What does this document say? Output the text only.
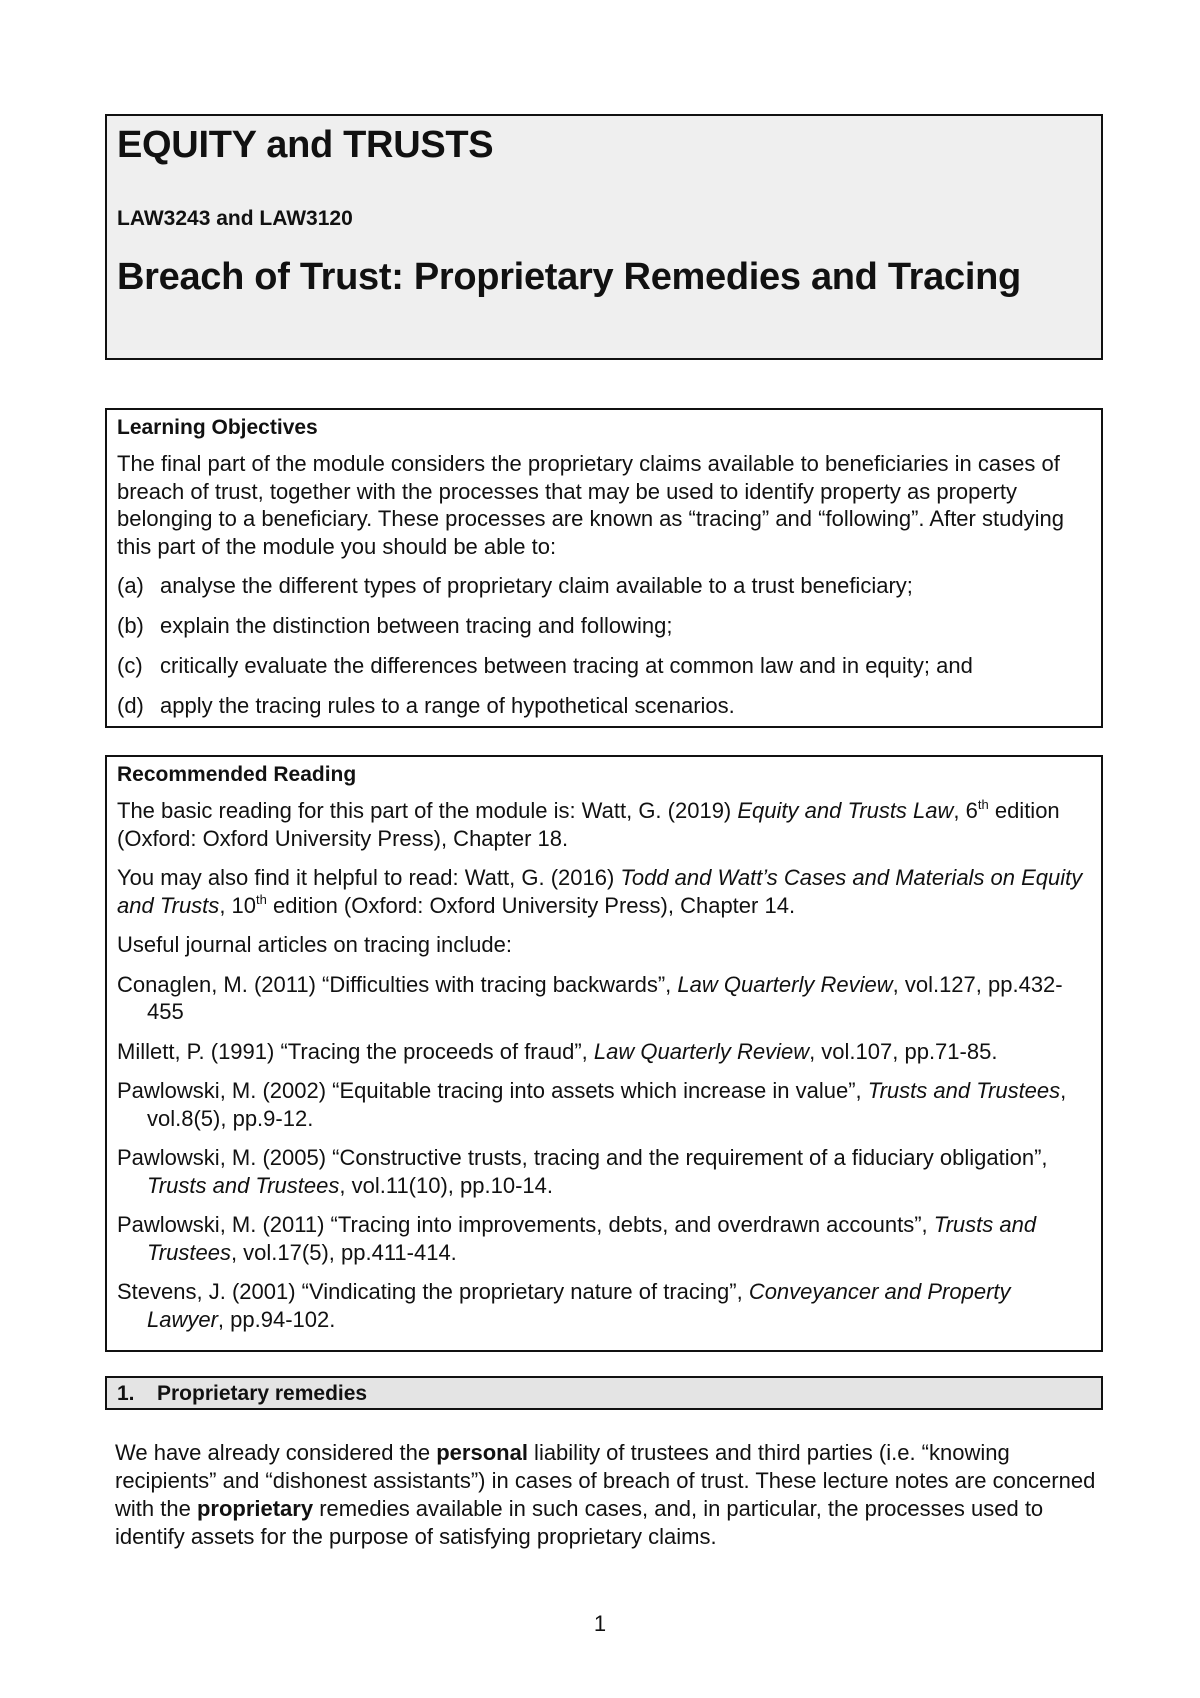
EQUITY and TRUSTS
LAW3243 and LAW3120
Breach of Trust: Proprietary Remedies and Tracing
Learning Objectives

The final part of the module considers the proprietary claims available to beneficiaries in cases of breach of trust, together with the processes that may be used to identify property as property belonging to a beneficiary. These processes are known as “tracing” and “following”. After studying this part of the module you should be able to:

(a) analyse the different types of proprietary claim available to a trust beneficiary;
(b) explain the distinction between tracing and following;
(c) critically evaluate the differences between tracing at common law and in equity; and
(d) apply the tracing rules to a range of hypothetical scenarios.
Recommended Reading

The basic reading for this part of the module is: Watt, G. (2019) Equity and Trusts Law, 6th edition (Oxford: Oxford University Press), Chapter 18.

You may also find it helpful to read: Watt, G. (2016) Todd and Watt’s Cases and Materials on Equity and Trusts, 10th edition (Oxford: Oxford University Press), Chapter 14.

Useful journal articles on tracing include:

Conaglen, M. (2011) “Difficulties with tracing backwards”, Law Quarterly Review, vol.127, pp.432-455

Millett, P. (1991) “Tracing the proceeds of fraud”, Law Quarterly Review, vol.107, pp.71-85.

Pawlowski, M. (2002) “Equitable tracing into assets which increase in value”, Trusts and Trustees, vol.8(5), pp.9-12.

Pawlowski, M. (2005) “Constructive trusts, tracing and the requirement of a fiduciary obligation”, Trusts and Trustees, vol.11(10), pp.10-14.

Pawlowski, M. (2011) “Tracing into improvements, debts, and overdrawn accounts”, Trusts and Trustees, vol.17(5), pp.411-414.

Stevens, J. (2001) “Vindicating the proprietary nature of tracing”, Conveyancer and Property Lawyer, pp.94-102.

1. Proprietary remedies

We have already considered the personal liability of trustees and third parties (i.e. “knowing recipients” and “dishonest assistants”) in cases of breach of trust. These lecture notes are concerned with the proprietary remedies available in such cases, and, in particular, the processes used to identify assets for the purpose of satisfying proprietary claims.

1
